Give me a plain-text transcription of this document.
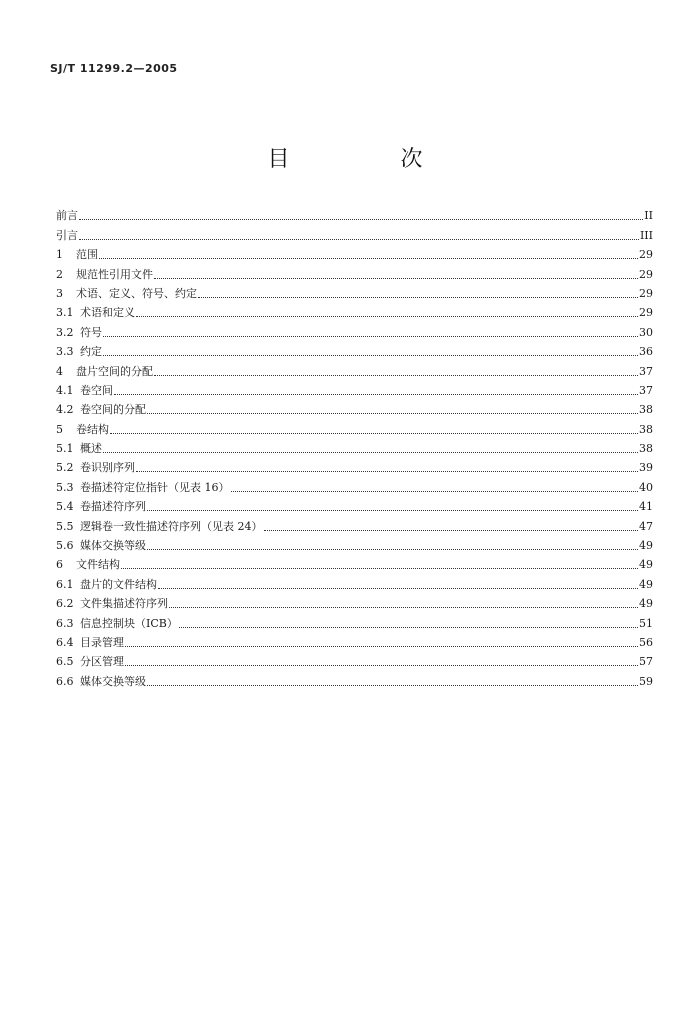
SJ/T 11299.2—2005
目 次
前言	II
引言	III
1	范围	29
2	规范性引用文件	29
3	术语、定义、符号、约定	29
3.1 术语和定义	29
3.2 符号	30
3.3 约定	36
4	盘片空间的分配	37
4.1 卷空间	37
4.2 卷空间的分配	38
5	卷结构	38
5.1 概述	38
5.2 卷识别序列	39
5.3 卷描述符定位指针（见表 16）	40
5.4 卷描述符序列	41
5.5 逻辑卷一致性描述符序列（见表 24）	47
5.6 媒体交换等级	49
6	文件结构	49
6.1 盘片的文件结构	49
6.2 文件集描述符序列	49
6.3 信息控制块（ICB）	51
6.4 目录管理	56
6.5 分区管理	57
6.6 媒体交换等级	59
